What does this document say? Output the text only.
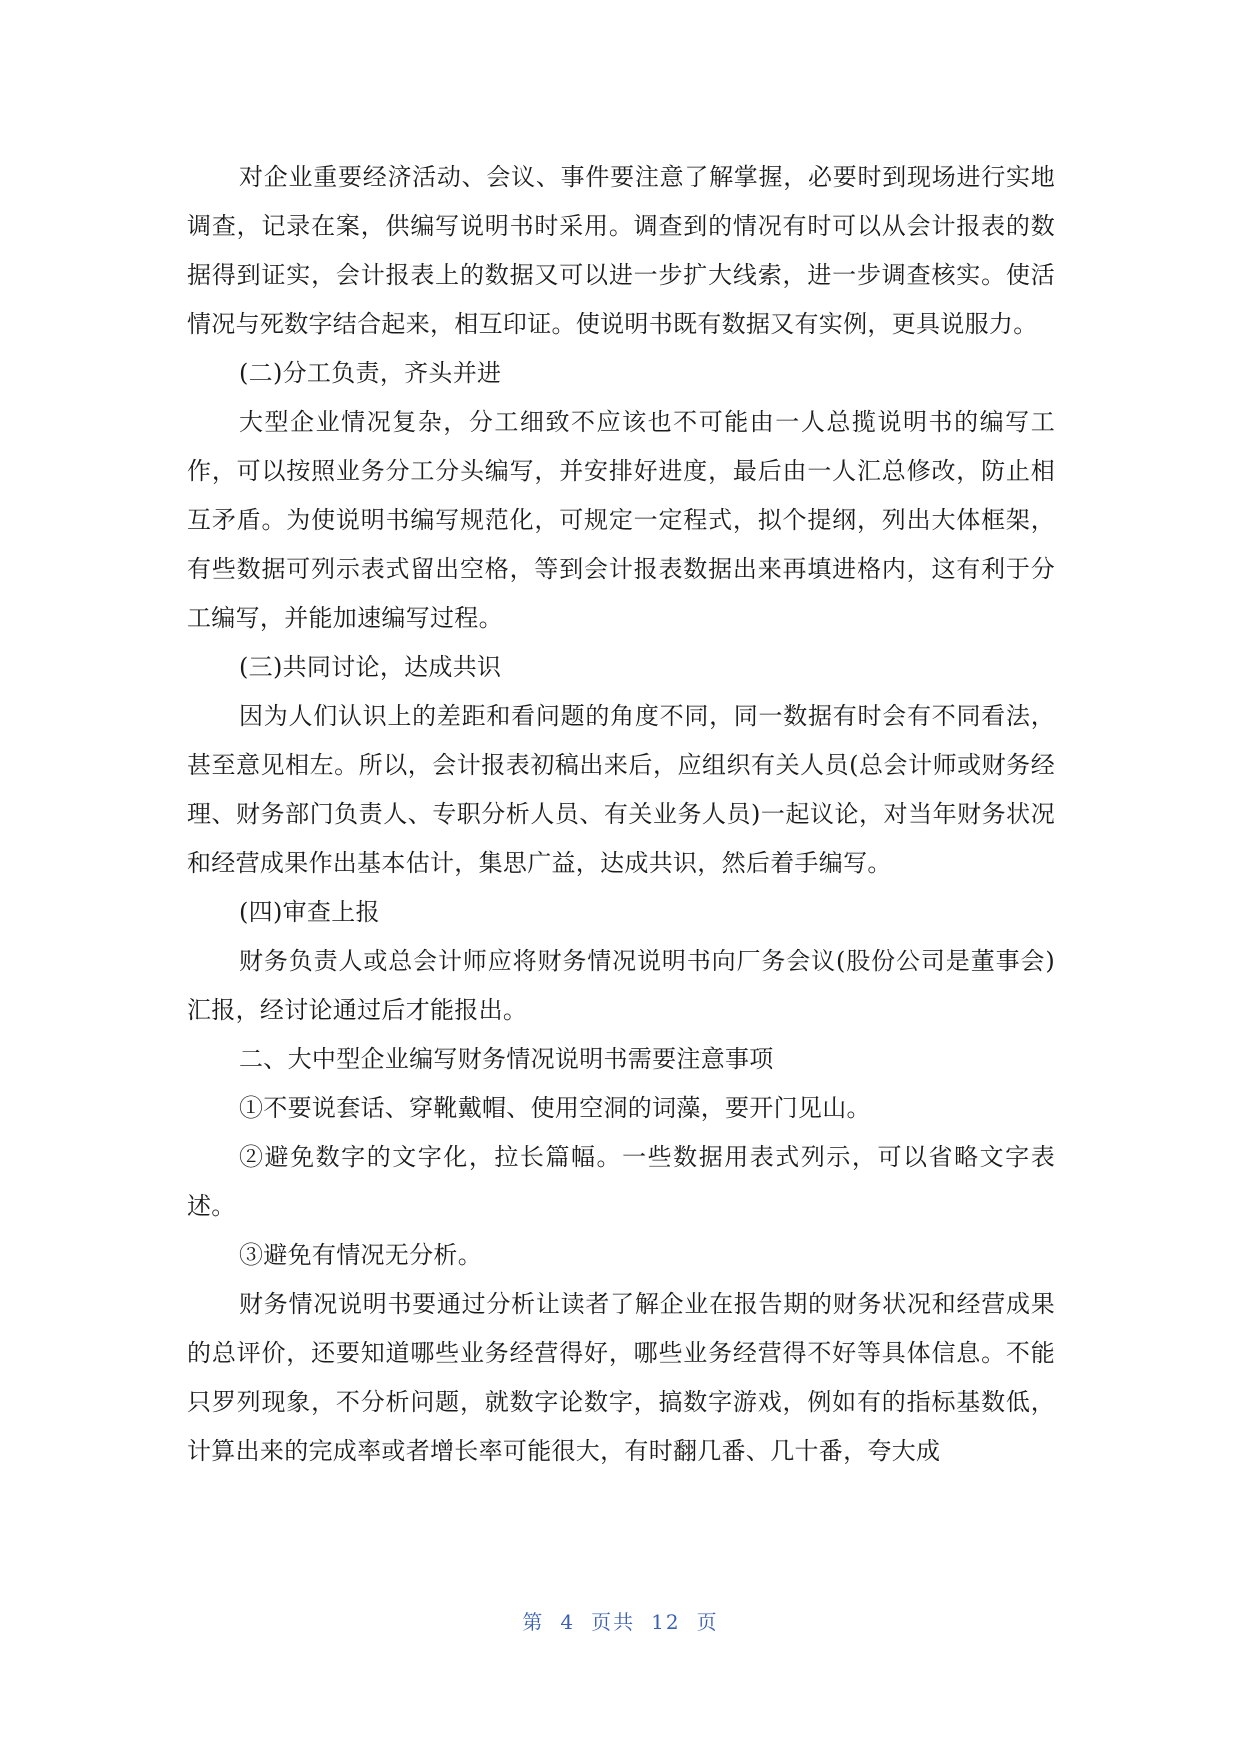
对企业重要经济活动、会议、事件要注意了解掌握，必要时到现场进行实地调查，记录在案，供编写说明书时采用。调查到的情况有时可以从会计报表的数据得到证实，会计报表上的数据又可以进一步扩大线索，进一步调查核实。使活情况与死数字结合起来，相互印证。使说明书既有数据又有实例，更具说服力。

(二)分工负责，齐头并进

大型企业情况复杂，分工细致不应该也不可能由一人总揽说明书的编写工作，可以按照业务分工分头编写，并安排好进度，最后由一人汇总修改，防止相互矛盾。为使说明书编写规范化，可规定一定程式，拟个提纲，列出大体框架，有些数据可列示表式留出空格，等到会计报表数据出来再填进格内，这有利于分工编写，并能加速编写过程。

(三)共同讨论，达成共识

因为人们认识上的差距和看问题的角度不同，同一数据有时会有不同看法，甚至意见相左。所以，会计报表初稿出来后，应组织有关人员(总会计师或财务经理、财务部门负责人、专职分析人员、有关业务人员)一起议论，对当年财务状况和经营成果作出基本估计，集思广益，达成共识，然后着手编写。

(四)审查上报

财务负责人或总会计师应将财务情况说明书向厂务会议(股份公司是董事会)汇报，经讨论通过后才能报出。

二、大中型企业编写财务情况说明书需要注意事项

①不要说套话、穿靴戴帽、使用空洞的词藻，要开门见山。

②避免数字的文字化，拉长篇幅。一些数据用表式列示，可以省略文字表述。

③避免有情况无分析。

财务情况说明书要通过分析让读者了解企业在报告期的财务状况和经营成果的总评价，还要知道哪些业务经营得好，哪些业务经营得不好等具体信息。不能只罗列现象，不分析问题，就数字论数字，搞数字游戏，例如有的指标基数低，计算出来的完成率或者增长率可能很大，有时翻几番、几十番，夸大成

第 4 页共 12 页
